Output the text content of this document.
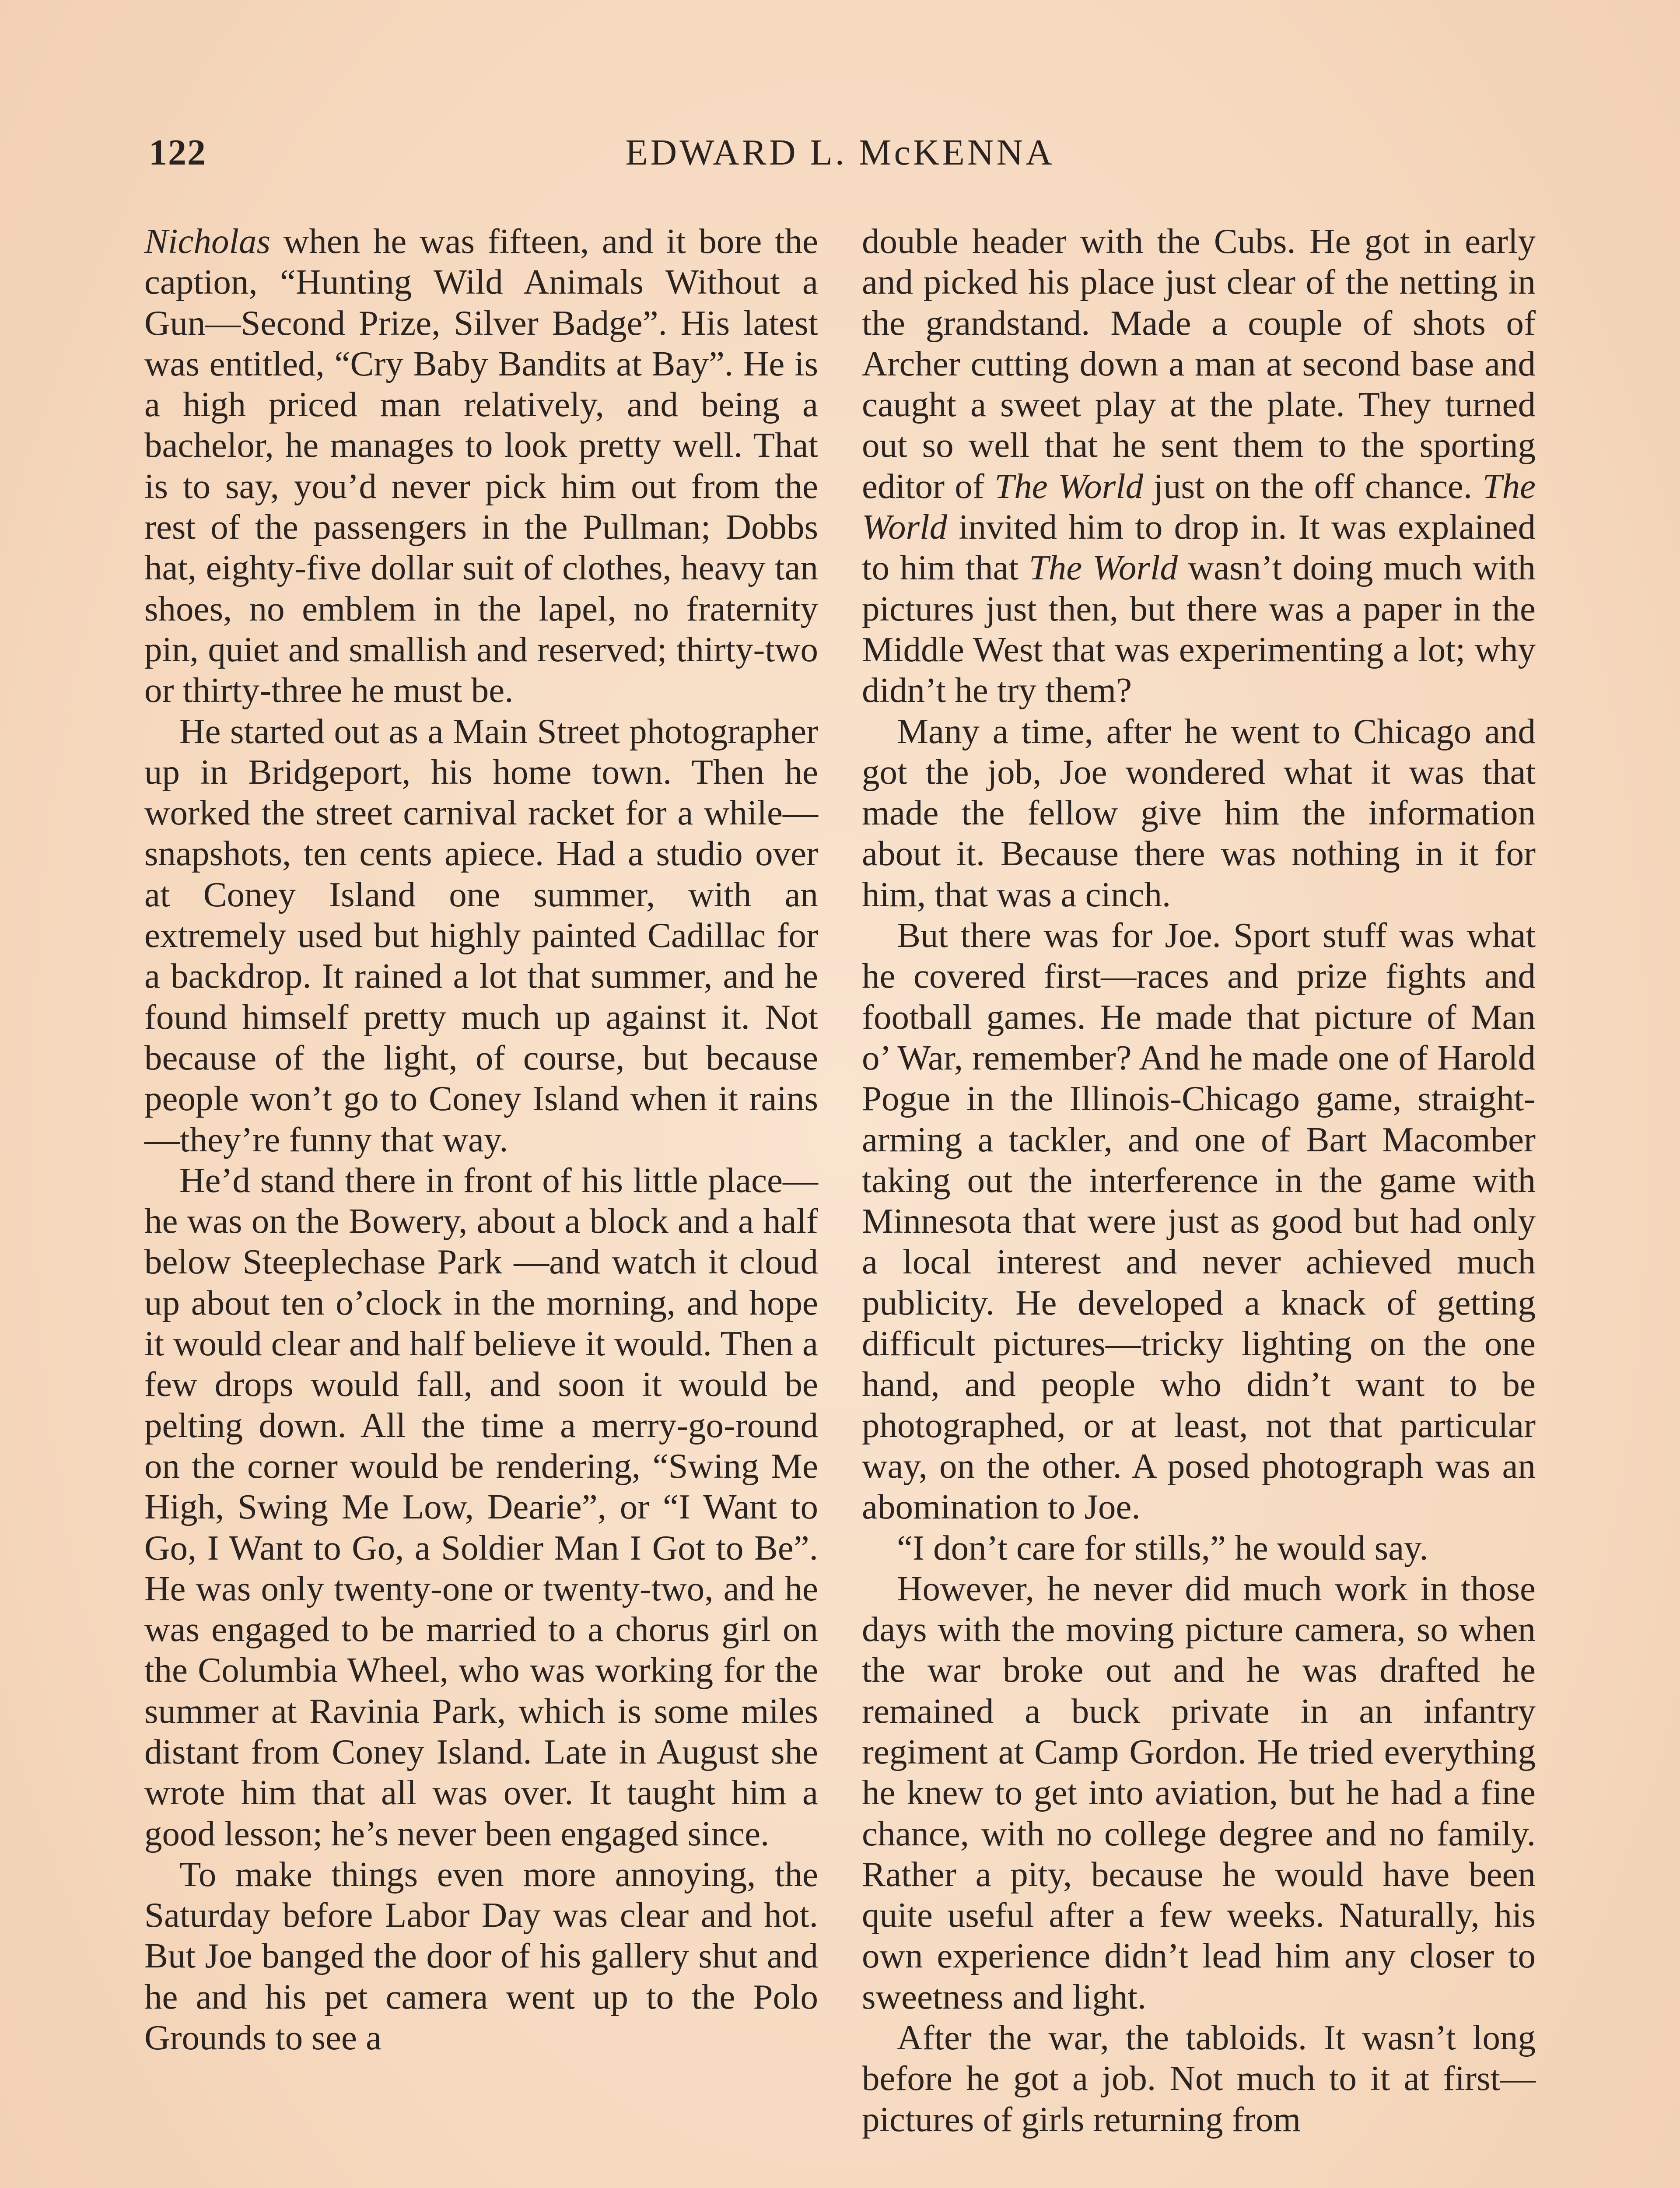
122	EDWARD L. McKENNA

Nicholas when he was fifteen, and it bore the caption, “Hunting Wild Animals Without a Gun—Second Prize, Silver Badge”. His latest was entitled, “Cry Baby Bandits at Bay”. He is a high priced man relatively, and being a bachelor, he manages to look pretty well. That is to say, you’d never pick him out from the rest of the passengers in the Pullman; Dobbs hat, eighty-five dollar suit of clothes, heavy tan shoes, no emblem in the lapel, no fraternity pin, quiet and smallish and reserved; thirty-two or thirty-three he must be.

He started out as a Main Street photographer up in Bridgeport, his home town. Then he worked the street carnival racket for a while—snapshots, ten cents apiece. Had a studio over at Coney Island one summer, with an extremely used but highly painted Cadillac for a backdrop. It rained a lot that summer, and he found himself pretty much up against it. Not because of the light, of course, but because people won’t go to Coney Island when it rains—they’re funny that way.

He’d stand there in front of his little place—he was on the Bowery, about a block and a half below Steeplechase Park —and watch it cloud up about ten o’clock in the morning, and hope it would clear and half believe it would. Then a few drops would fall, and soon it would be pelting down. All the time a merry-go-round on the corner would be rendering, “Swing Me High, Swing Me Low, Dearie”, or “I Want to Go, I Want to Go, a Soldier Man I Got to Be”. He was only twenty-one or twenty-two, and he was engaged to be married to a chorus girl on the Columbia Wheel, who was working for the summer at Ravinia Park, which is some miles distant from Coney Island. Late in August she wrote him that all was over. It taught him a good lesson; he’s never been engaged since.

To make things even more annoying, the Saturday before Labor Day was clear and hot. But Joe banged the door of his gallery shut and he and his pet camera went up to the Polo Grounds to see a

double header with the Cubs. He got in early and picked his place just clear of the netting in the grandstand. Made a couple of shots of Archer cutting down a man at second base and caught a sweet play at the plate. They turned out so well that he sent them to the sporting editor of The World just on the off chance. The World invited him to drop in. It was explained to him that The World wasn’t doing much with pictures just then, but there was a paper in the Middle West that was experimenting a lot; why didn’t he try them?

Many a time, after he went to Chicago and got the job, Joe wondered what it was that made the fellow give him the information about it. Because there was nothing in it for him, that was a cinch.

But there was for Joe. Sport stuff was what he covered first—races and prize fights and football games. He made that picture of Man o’ War, remember? And he made one of Harold Pogue in the Illinois-Chicago game, straight-arming a tackler, and one of Bart Macomber taking out the interference in the game with Minnesota that were just as good but had only a local interest and never achieved much publicity. He developed a knack of getting difficult pictures—tricky lighting on the one hand, and people who didn’t want to be photographed, or at least, not that particular way, on the other. A posed photograph was an abomination to Joe.

“I don’t care for stills,” he would say.

However, he never did much work in those days with the moving picture camera, so when the war broke out and he was drafted he remained a buck private in an infantry regiment at Camp Gordon. He tried everything he knew to get into aviation, but he had a fine chance, with no college degree and no family. Rather a pity, because he would have been quite useful after a few weeks. Naturally, his own experience didn’t lead him any closer to sweetness and light.

After the war, the tabloids. It wasn’t long before he got a job. Not much to it at first—pictures of girls returning from
